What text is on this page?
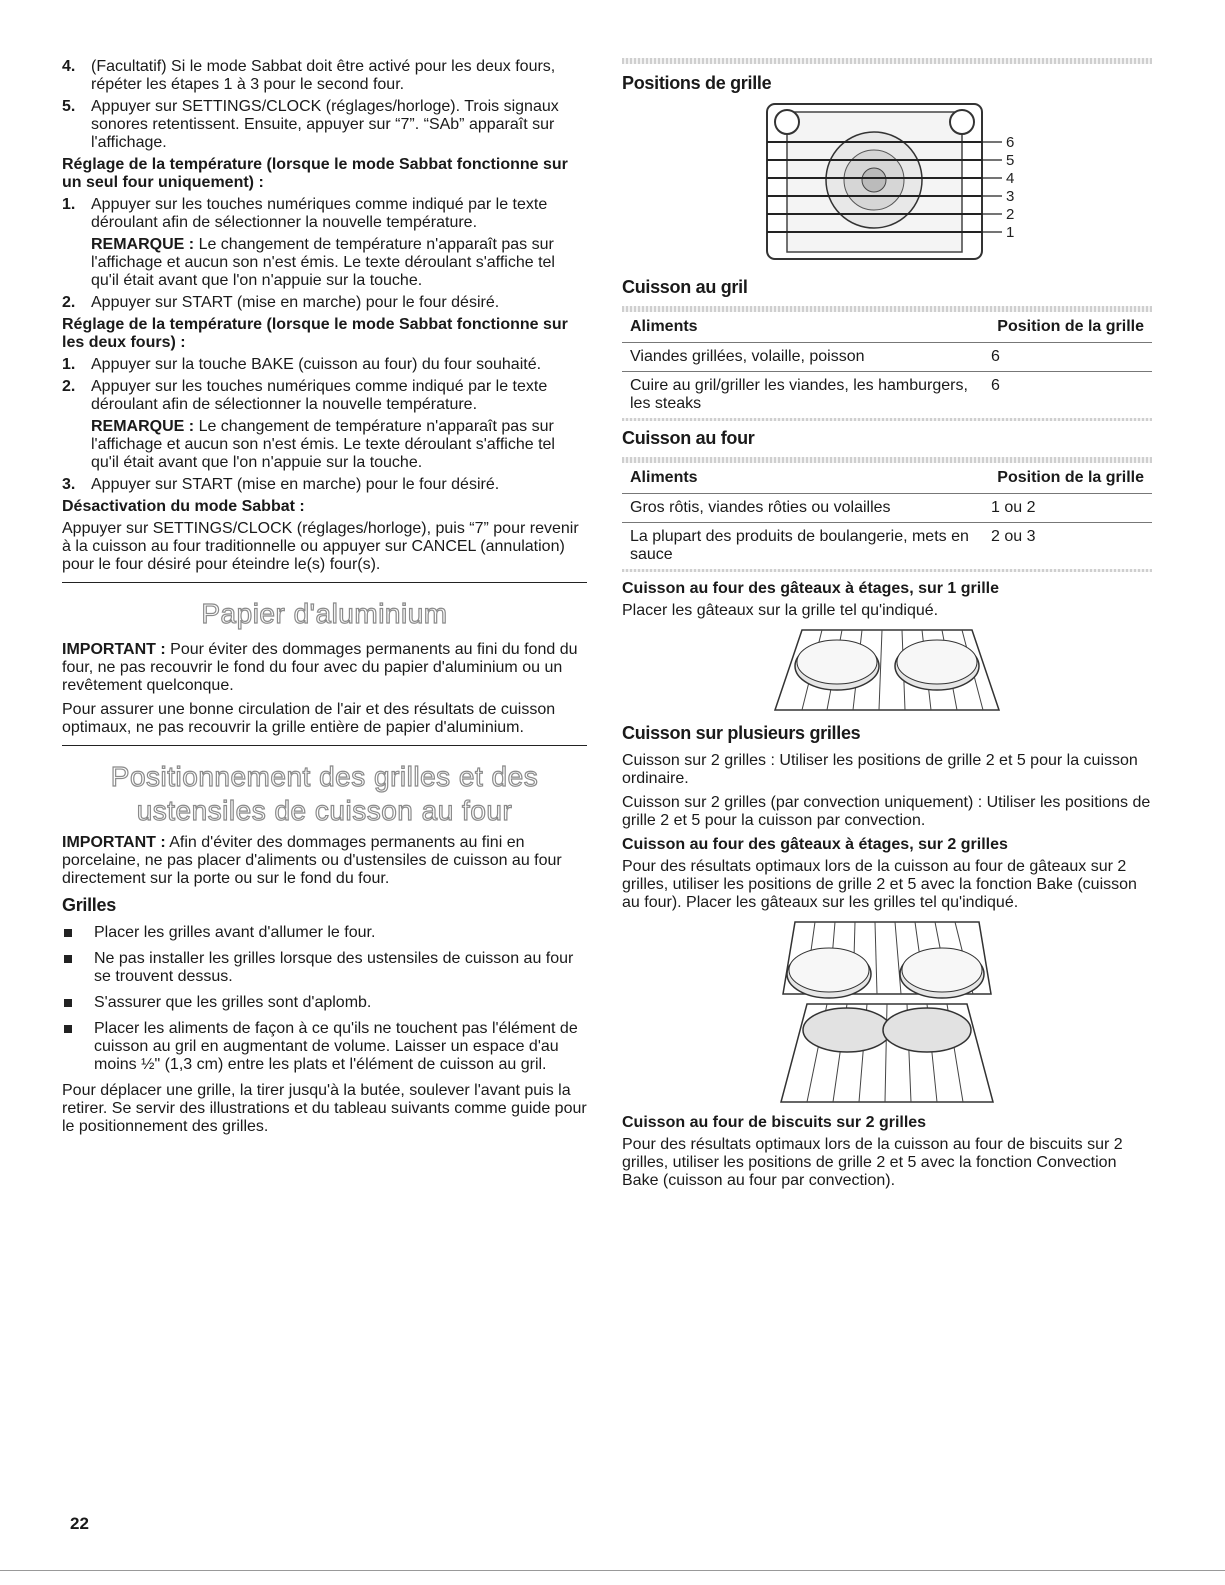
4. (Facultatif) Si le mode Sabbat doit être activé pour les deux fours, répéter les étapes 1 à 3 pour le second four.
5. Appuyer sur SETTINGS/CLOCK (réglages/horloge). Trois signaux sonores retentissent. Ensuite, appuyer sur “7”. “SAb” apparaît sur l'affichage.
Réglage de la température (lorsque le mode Sabbat fonctionne sur un seul four uniquement) :
1. Appuyer sur les touches numériques comme indiqué par le texte déroulant afin de sélectionner la nouvelle température.
REMARQUE : Le changement de température n'apparaît pas sur l'affichage et aucun son n'est émis. Le texte déroulant s'affiche tel qu'il était avant que l'on n'appuie sur la touche.
2. Appuyer sur START (mise en marche) pour le four désiré.
Réglage de la température (lorsque le mode Sabbat fonctionne sur les deux fours) :
1. Appuyer sur la touche BAKE (cuisson au four) du four souhaité.
2. Appuyer sur les touches numériques comme indiqué par le texte déroulant afin de sélectionner la nouvelle température.
REMARQUE : Le changement de température n'apparaît pas sur l'affichage et aucun son n'est émis. Le texte déroulant s'affiche tel qu'il était avant que l'on n'appuie sur la touche.
3. Appuyer sur START (mise en marche) pour le four désiré.
Désactivation du mode Sabbat :

Appuyer sur SETTINGS/CLOCK (réglages/horloge), puis “7” pour revenir à la cuisson au four traditionnelle ou appuyer sur CANCEL (annulation) pour le four désiré pour éteindre le(s) four(s).

Papier d'aluminium

IMPORTANT : Pour éviter des dommages permanents au fini du fond du four, ne pas recouvrir le fond du four avec du papier d'aluminium ou un revêtement quelconque.

Pour assurer une bonne circulation de l'air et des résultats de cuisson optimaux, ne pas recouvrir la grille entière de papier d'aluminium.

Positionnement des grilles et des
ustensiles de cuisson au four

IMPORTANT : Afin d'éviter des dommages permanents au fini en porcelaine, ne pas placer d'aliments ou d'ustensiles de cuisson au four directement sur la porte ou sur le fond du four.

Grilles
Placer les grilles avant d'allumer le four.
Ne pas installer les grilles lorsque des ustensiles de cuisson au four se trouvent dessus.
S'assurer que les grilles sont d'aplomb.
Placer les aliments de façon à ce qu'ils ne touchent pas l'élément de cuisson au gril en augmentant de volume. Laisser un espace d'au moins ½" (1,3 cm) entre les plats et l'élément de cuisson au gril.

Pour déplacer une grille, la tirer jusqu'à la butée, soulever l'avant puis la retirer. Se servir des illustrations et du tableau suivants comme guide pour le positionnement des grilles.

Positions de grille
6
5
4
3
2
1
Cuisson au gril
Aliments	Position de la grille
Viandes grillées, volaille, poisson	6
Cuire au gril/griller les viandes, les hamburgers, les steaks	6
Cuisson au four
Aliments	Position de la grille
Gros rôtis, viandes rôties ou volailles	1 ou 2
La plupart des produits de boulangerie, mets en sauce	2 ou 3
Cuisson au four des gâteaux à étages, sur 1 grille

Placer les gâteaux sur la grille tel qu'indiqué.

Cuisson sur plusieurs grilles

Cuisson sur 2 grilles : Utiliser les positions de grille 2 et 5 pour la cuisson ordinaire.

Cuisson sur 2 grilles (par convection uniquement) : Utiliser les positions de grille 2 et 5 pour la cuisson par convection.

Cuisson au four des gâteaux à étages, sur 2 grilles

Pour des résultats optimaux lors de la cuisson au four de gâteaux sur 2 grilles, utiliser les positions de grille 2 et 5 avec la fonction Bake (cuisson au four). Placer les gâteaux sur les grilles tel qu'indiqué.

Cuisson au four de biscuits sur 2 grilles

Pour des résultats optimaux lors de la cuisson au four de biscuits sur 2 grilles, utiliser les positions de grille 2 et 5 avec la fonction Convection Bake (cuisson au four par convection).

22
